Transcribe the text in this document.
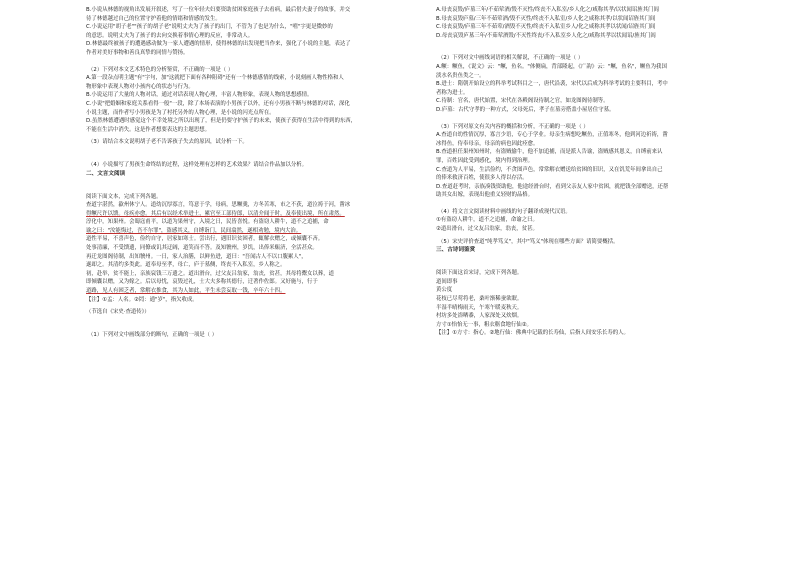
B.小说从林德的视角出发展开叙述，写了一位年轻夫妇要资助贫困家庭孩子去看病，最后借夫妻子的故事，并交
待了林德越过自己的位置守护着他的情绪和情感的发生。
C.小说运用"胡子老""孩子的胡子老"说明丈夫为了孩子的出门，不管为了也是为什么，"嘻"字更是微妙的
的意思。说明丈夫为了孩子的去向交换着事情心理的反应，非常动人。
D.林德最终被孩子的遭遇感动做为一家人遭遇的情形，使得林德的出发现把当作来，强化了小说的主题，表达了
作者对美好事物和善良真挚的同情与赞扬。
（2）下列对本文艺术特色的分析鉴赏，不正确的一项是（ ）
A.第一段杂点明主题"有"字句，加"这就把下面有各种阻碍"还有一个林德感情的线索，小说刻画人物性格和人
物形象中表现人物对小孩内心的状态与行为。
B.小说运用了大量的人物对话，通过对话表现人物心理，丰富人物形象，表现人物的思想感情。
C.小说"把婚姻和家庭关系看得一般"一段，除了本场表演的小男孩子以外，还有小男孩不断与林德的对话，深化
小说主题，而作者写小男孩是为了衬托另外的人物心理，是小说的闪光点所在。
D.虽然林德遭遇时感觉这个不幸处境之所以出现了，但是仍要守护孩子的未来，使孩子获得在生活中得到的东西，
不能在生活中消失。这是作者想要表达的主题思想。
（3）请结合本文说明胡子老不告诉孩子失去的原因，试分析一下。
（4）小说描写了男孩生命终结的过程，这样处理有怎样的艺术效果？请结合作品加以分析。
二、文言文阅读
阅读下面文本，完成下列各题。
查道字湛然，歙州休宁人。道幼沉厚寡言，笃意于学，母病，思鳜羹，方冬苦寒，市之不获，道泣祷于河，凿冰
得鳜尺许以馈。母疾亦愈。其后有以经术举进士，累官至工部侍郎，以清介闻于时，及奉使出境，所在肃然。
淳化中，知果州。会蜀寇甫平，以道为果州守，入境之日，民皆喜悦。有盗窃人耕牛，道不之追捕，命
谕之曰："汝能悔过，吾不尔罪"，盗感其义，自缚诣门，民间翕然，遂相劝勉，境内大治。
道性平易，不喜声色，俭约自守，居家如寒士。尝出行，遇旧识贫困者，辄解衣赠之，或倾囊不吝。
处事清廉，不受馈遗，同僚或讥其迂阔，道笑而不答。及知虢州，岁饥，出俸米赈济，全活甚众。
再迁龙图阁待制，出知虢州。一日，家人治膳，以鲜鱼进，道曰："吾闻古人不以口腹累人"，
遂却之。其清约多类此。道奉母至孝，母亡，庐于墓侧，终丧不入私室，乡人称之。
初，赴举，贫不能上，亲族裒钱三万遗之。道出滑台，过父友吕翁家，翁丧，贫甚，其母将鬻女以葬，道
即倾囊以赠，又为嫁之。后以母忧，哀毁过礼，士大夫多称其德行，迁著作佐郎。又好施与，行于
道路，见人有困乏者，常解衣推食，其为人如此，平生未尝妄取一钱，卒年六十四。
【注】①孟：人名。②罔：通"岁"，指欠收成。
（节选自《宋史·查道传》）
（1）下列对文中画线部分的断句，正确的一项是（ ）
A.母丧哀毁/庐墓三年/不茹荤酒/毁不灭性/终丧不入私室/乡人化之/咸称其孝/以状闻诏旌其门闾
B.母丧哀毁庐墓/三年不茹荤酒/毁不灭性/终丧不入私室/乡人化之咸称其孝/以状闻诏旌其门闾
C.母丧哀毁/庐墓三年不茹荤/酒毁不灭性/终丧不入私室乡人/化之咸称其孝以状闻/诏旌其门闾
D.母丧哀毁庐墓三年/不茹荤酒毁/不灭性终丧/不入私室乡人化之/咸称其孝以状闻诏/旌其门闾
（2）下列对文中画线词语的相关解说，不正确的一项是（ ）
A.鳜：鳜鱼，《说文》云："鳜，鱼名。"体侧扁，背部隆起，《广韵》云："鳜，鱼名"，鳜鱼为我国
淡水名贵鱼类之一。
B.进士：隋朝开始设立的科举考试科目之一，唐代沿袭，宋代以后成为科举考试的主要科目，考中
者称为进士。
C.待制：官名，唐代始置，宋代在各殿阁设待制之官，如龙图阁待制等。
D.庐墓：古代守孝的一种方式，父母死后，孝子在墓旁搭盖小屋居住守墓。
（3）下列对原文有关内容的概括和分析，不正确的一项是（ ）
A.查道自幼性情沉厚，寡言少语，专心于学业。母亲生病想吃鳜鱼，正值寒冬，他到河边祈祷，凿
冰得鱼，侍奉母亲，母亲的病也因此痊愈。
B.查道担任果州知州时，有盗贼偷牛，他不加追捕，而是派人告谕，盗贼感其恩义，自缚前来认
罪，百姓因此受到感化，境内得到治理。
C.查道为人平易，生活俭约，不贪图声色，常常解衣赠送给贫困的旧识，又在饥荒年间拿出自己
的俸米救济百姓，使很多人得以存活。
D.查道赶考时，亲族凑钱资助他，他途经滑台时，看到父亲友人家中贫困，就把钱全部赠送，还帮
助其女出嫁，表现出他重义轻财的品格。
（4）将文言文阅读材料中画线的句子翻译成现代汉语。
①有盗窃人耕牛，道不之追捕，命谕之曰。
②道出滑台，过父友吕翁家，翁丧，贫甚。
（5）宋史评价查道"纯孝笃义"，其中"笃义"体现在哪些方面？请简要概括。
三、古诗词鉴赏
阅读下面这首宋诗，完成下列各题。
道间即事
黄公度
花枝已尽莺将老，桑叶渐稀蚕欲眠。
半湿半晴梅雨天，午寒午暖麦秋天。
村坊多处浴晒黍，人家深处又炊烟。
方寸①怡怡无一事，粗衣粝食地行仙②。
【注】①方寸：指心。②地行仙：佛典中记载的长寿仙，后指人间安乐长寿的人。
